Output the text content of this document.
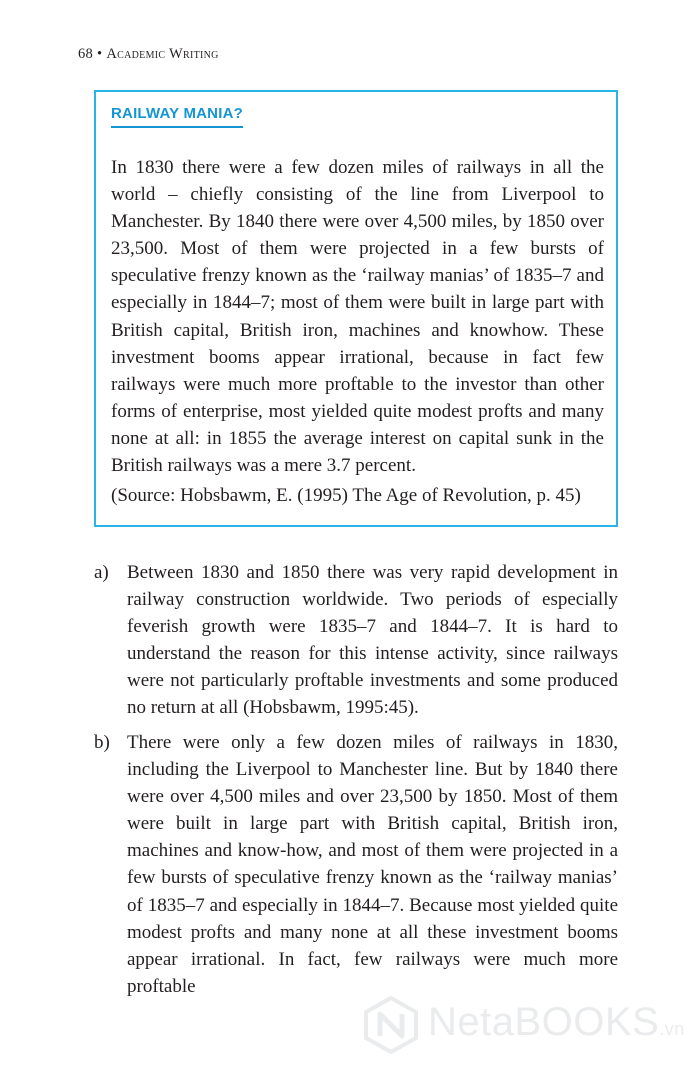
68 • Academic Writing
RAILWAY MANIA?

In 1830 there were a few dozen miles of railways in all the world – chiefly consisting of the line from Liverpool to Manchester. By 1840 there were over 4,500 miles, by 1850 over 23,500. Most of them were projected in a few bursts of speculative frenzy known as the ‘railway manias’ of 1835–7 and especially in 1844–7; most of them were built in large part with British capital, British iron, machines and knowhow. These investment booms appear irrational, because in fact few railways were much more proftable to the investor than other forms of enterprise, most yielded quite modest profts and many none at all: in 1855 the average interest on capital sunk in the British railways was a mere 3.7 percent.

(Source: Hobsbawm, E. (1995) The Age of Revolution, p. 45)

a) Between 1830 and 1850 there was very rapid development in railway construction worldwide. Two periods of especially feverish growth were 1835–7 and 1844–7. It is hard to understand the reason for this intense activity, since railways were not particularly proftable investments and some produced no return at all (Hobsbawm, 1995:45).
b) There were only a few dozen miles of railways in 1830, including the Liverpool to Manchester line. But by 1840 there were over 4,500 miles and over 23,500 by 1850. Most of them were built in large part with British capital, British iron, machines and know-how, and most of them were projected in a few bursts of speculative frenzy known as the ‘railway manias’ of 1835–7 and especially in 1844–7. Because most yielded quite modest profts and many none at all these investment booms appear irrational. In fact, few railways were much more proftable
NetaBOOKS.vn
